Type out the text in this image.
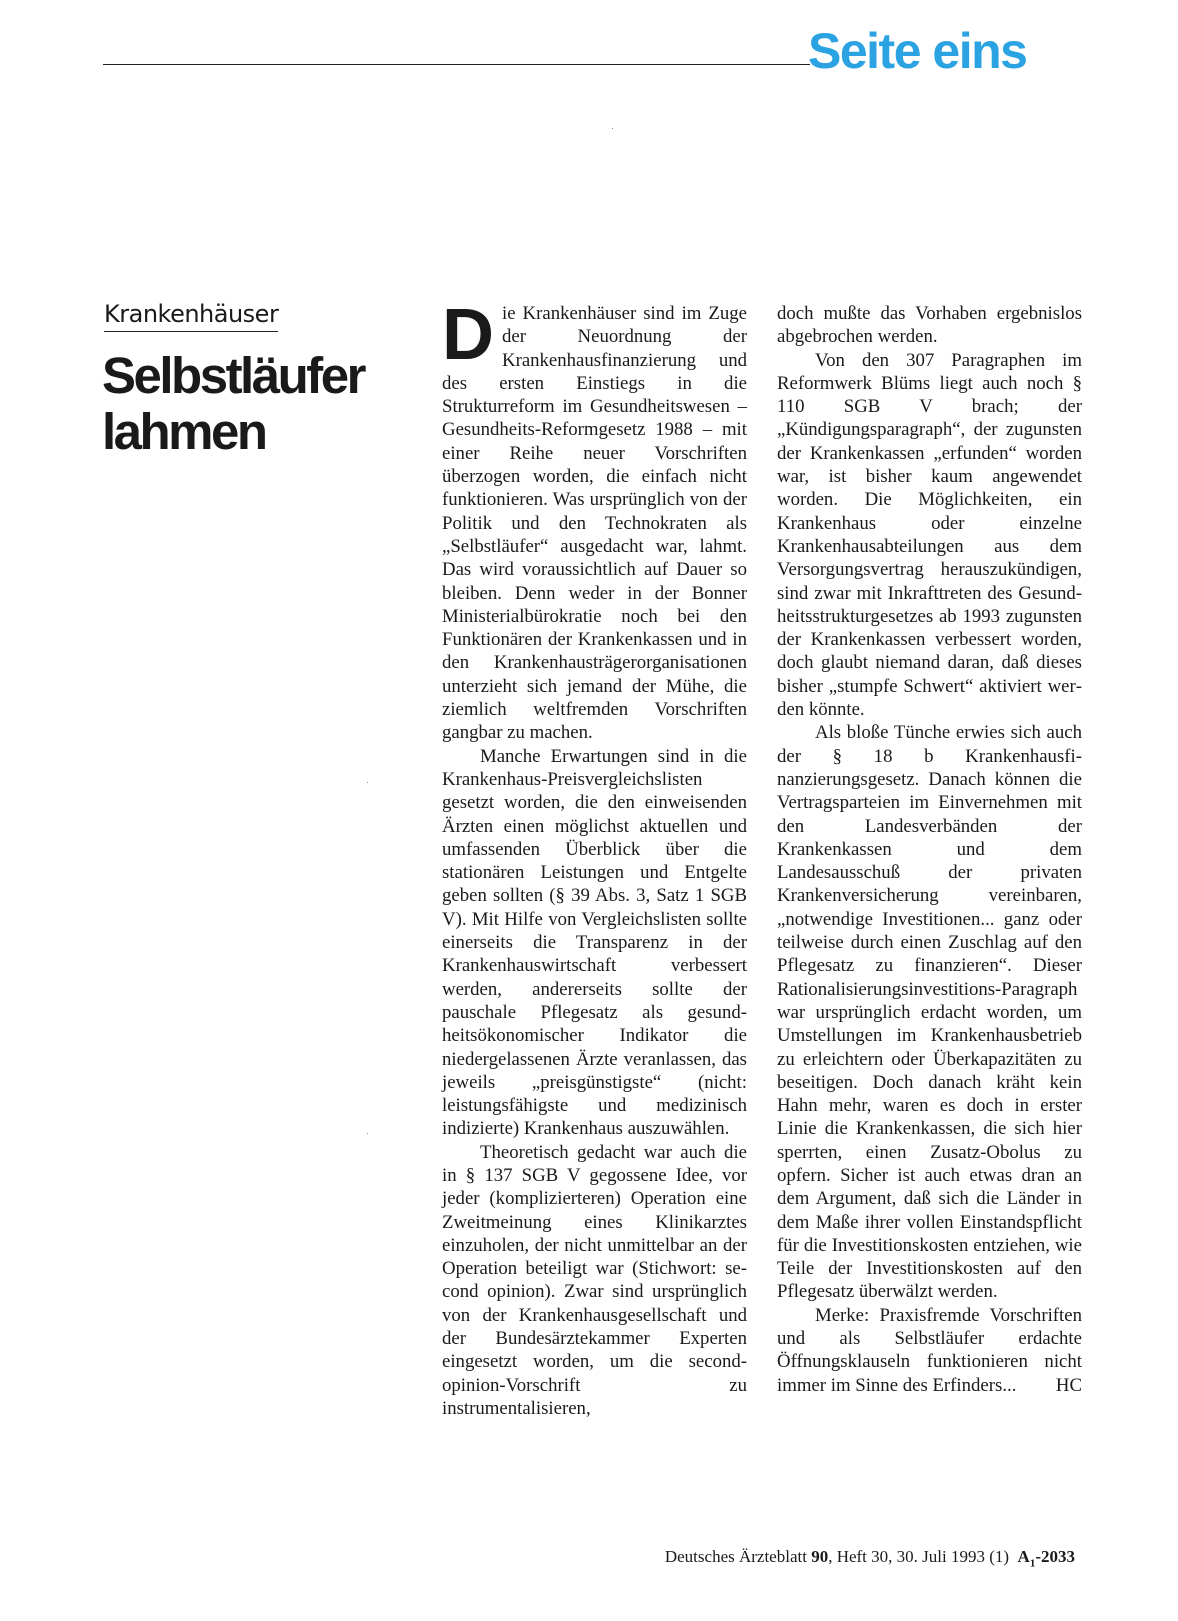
Seite eins
Krankenhäuser
Selbstläufer
lahmen

Die Krankenhäuser sind im Zuge der Neuordnung der Krankenhausfinanzierung und des ersten Einstiegs in die Strukturreform im Gesundheitswesen – Gesundheits-Reformgesetz 1988 – mit einer Reihe neuer Vorschriften überzogen worden, die einfach nicht funktionieren. Was ursprünglich von der Politik und den Technokraten als „Selbstläufer“ ausgedacht war, lahmt. Das wird voraussichtlich auf Dauer so bleiben. Denn weder in der Bonner Ministerialbürokratie noch bei den Funktionären der Krankenkassen und in den Krankenhausträgerorganisationen unterzieht sich jemand der Mühe, die ziemlich weltfremden Vorschriften gangbar zu machen.

Manche Erwartungen sind in die Krankenhaus-Preisvergleichslisten gesetzt worden, die den einweisenden Ärzten einen möglichst aktuellen und umfassenden Überblick über die stationären Leistungen und Entgelte geben sollten (§ 39 Abs. 3, Satz 1 SGB V). Mit Hilfe von Vergleichslisten sollte einerseits die Transparenz in der Krankenhauswirtschaft verbessert werden, andererseits sollte der pauschale Pflegesatz als gesundheitsökonomischer Indikator die niedergelassenen Ärzte veranlassen, das jeweils „preisgünstigste“ (nicht: leistungsfähigste und medizinisch indizierte) Krankenhaus auszuwählen.

Theoretisch gedacht war auch die in § 137 SGB V gegossene Idee, vor jeder (komplizierteren) Operation eine Zweitmeinung eines Klinikarztes einzuholen, der nicht unmittelbar an der Operation beteiligt war (Stichwort: second opinion). Zwar sind ursprünglich von der Krankenhausgesellschaft und der Bundesärztekammer Experten eingesetzt worden, um die second-opinion-Vorschrift zu instrumentalisieren,

doch mußte das Vorhaben ergebnislos abgebrochen werden.

Von den 307 Paragraphen im Reformwerk Blüms liegt auch noch § 110 SGB V brach; der „Kündigungsparagraph“, der zugunsten der Krankenkassen „erfunden“ worden war, ist bisher kaum angewendet worden. Die Möglichkeiten, ein Krankenhaus oder einzelne Krankenhausabteilungen aus dem Versorgungsvertrag herauszukündigen, sind zwar mit Inkrafttreten des Gesundheitsstrukturgesetzes ab 1993 zugunsten der Krankenkassen verbessert worden, doch glaubt niemand daran, daß dieses bisher „stumpfe Schwert“ aktiviert werden könnte.

Als bloße Tünche erwies sich auch der § 18 b Krankenhausfinanzierungsgesetz. Danach können die Vertragsparteien im Einvernehmen mit den Landesverbänden der Krankenkassen und dem Landesausschuß der privaten Krankenversicherung vereinbaren, „notwendige Investitionen... ganz oder teilweise durch einen Zuschlag auf den Pflegesatz zu finanzieren“. Dieser Rationalisierungsinvestitions-Paragraph war ursprünglich erdacht worden, um Umstellungen im Krankenhausbetrieb zu erleichtern oder Überkapazitäten zu beseitigen. Doch danach kräht kein Hahn mehr, waren es doch in erster Linie die Krankenkassen, die sich hier sperrten, einen Zusatz-Obolus zu opfern. Sicher ist auch etwas dran an dem Argument, daß sich die Länder in dem Maße ihrer vollen Einstandspflicht für die Investitionskosten entziehen, wie Teile der Investitionskosten auf den Pflegesatz überwälzt werden.

Merke: Praxisfremde Vorschriften und als Selbstläufer erdachte Öffnungsklauseln funktionieren nicht immer im Sinne des Erfinders...	HC

Deutsches Ärzteblatt 90, Heft 30, 30. Juli 1993 (1) $A_1-2033$
